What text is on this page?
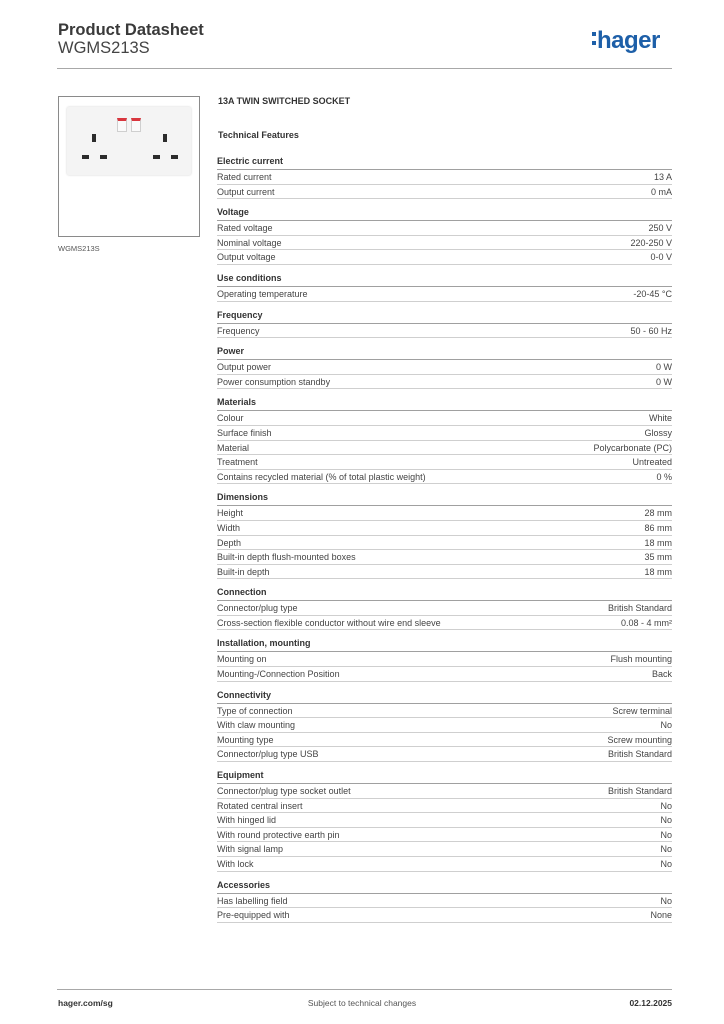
Product Datasheet
WGMS213S	hager
WGMS213S
13A TWIN SWITCHED SOCKET
Technical Features
Electric current
Rated current	13 A
Output current	0 mA
Voltage
Rated voltage	250 V
Nominal voltage	220-250 V
Output voltage	0-0 V
Use conditions
Operating temperature	-20-45 °C
Frequency
Frequency	50 - 60 Hz
Power
Output power	0 W
Power consumption standby	0 W
Materials
Colour	White
Surface finish	Glossy
Material	Polycarbonate (PC)
Treatment	Untreated
Contains recycled material (% of total plastic weight)	0 %
Dimensions
Height	28 mm
Width	86 mm
Depth	18 mm
Built-in depth flush-mounted boxes	35 mm
Built-in depth	18 mm
Connection
Connector/plug type	British Standard
Cross-section flexible conductor without wire end sleeve	0.08 - 4 mm²
Installation, mounting
Mounting on	Flush mounting
Mounting-/Connection Position	Back
Connectivity
Type of connection	Screw terminal
With claw mounting	No
Mounting type	Screw mounting
Connector/plug type USB	British Standard
Equipment
Connector/plug type socket outlet	British Standard
Rotated central insert	No
With hinged lid	No
With round protective earth pin	No
With signal lamp	No
With lock	No
Accessories
Has labelling field	No
Pre-equipped with	None
hager.com/sg	Subject to technical changes	02.12.2025
